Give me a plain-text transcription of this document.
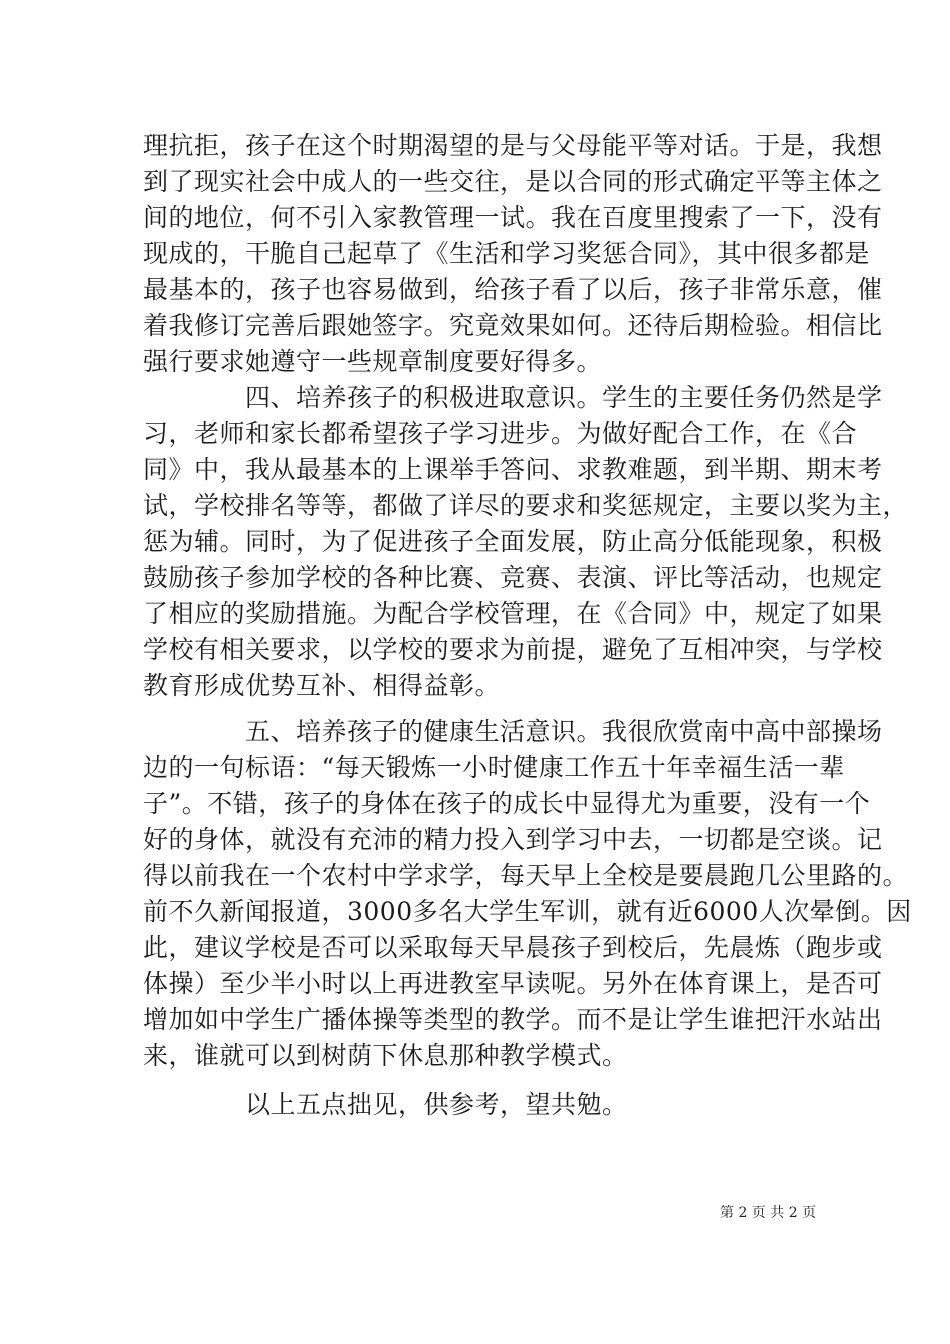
理抗拒，孩子在这个时期渴望的是与父母能平等对话。于是，我想
到了现实社会中成人的一些交往，是以合同的形式确定平等主体之
间的地位，何不引入家教管理一试。我在百度里搜索了一下，没有
现成的，干脆自己起草了《生活和学习奖惩合同》，其中很多都是
最基本的，孩子也容易做到，给孩子看了以后，孩子非常乐意，催
着我修订完善后跟她签字。究竟效果如何。还待后期检验。相信比
强行要求她遵守一些规章制度要好得多。
四、培养孩子的积极进取意识。学生的主要任务仍然是学
习，老师和家长都希望孩子学习进步。为做好配合工作，在《合
同》中，我从最基本的上课举手答问、求教难题，到半期、期末考
试，学校排名等等，都做了详尽的要求和奖惩规定，主要以奖为主，
惩为辅。同时，为了促进孩子全面发展，防止高分低能现象，积极
鼓励孩子参加学校的各种比赛、竞赛、表演、评比等活动，也规定
了相应的奖励措施。为配合学校管理，在《合同》中，规定了如果
学校有相关要求，以学校的要求为前提，避免了互相冲突，与学校
教育形成优势互补、相得益彰。
五、培养孩子的健康生活意识。我很欣赏南中高中部操场
边的一句标语：“每天锻炼一小时健康工作五十年幸福生活一辈
子”。不错，孩子的身体在孩子的成长中显得尤为重要，没有一个
好的身体，就没有充沛的精力投入到学习中去，一切都是空谈。记
得以前我在一个农村中学求学，每天早上全校是要晨跑几公里路的。
前不久新闻报道，3000多名大学生军训，就有近6000人次晕倒。因
此，建议学校是否可以采取每天早晨孩子到校后，先晨炼（跑步或
体操）至少半小时以上再进教室早读呢。另外在体育课上，是否可
增加如中学生广播体操等类型的教学。而不是让学生谁把汗水站出
来，谁就可以到树荫下休息那种教学模式。
以上五点拙见，供参考，望共勉。
第 2 页 共 2 页
